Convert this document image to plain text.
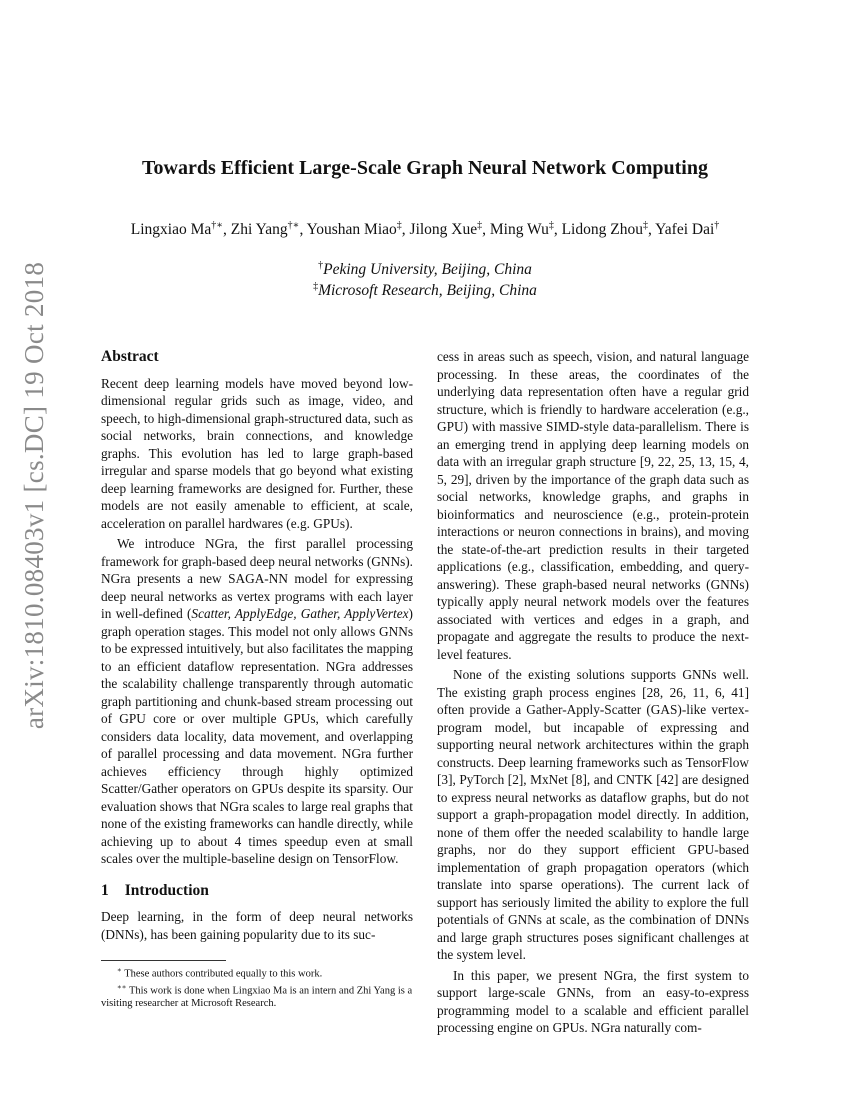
arXiv:1810.08403v1 [cs.DC] 19 Oct 2018
Towards Efficient Large-Scale Graph Neural Network Computing
Lingxiao Ma†∗, Zhi Yang†∗, Youshan Miao‡, Jilong Xue‡, Ming Wu‡, Lidong Zhou‡, Yafei Dai†
†Peking University, Beijing, China
‡Microsoft Research, Beijing, China
Abstract

Recent deep learning models have moved beyond low-dimensional regular grids such as image, video, and speech, to high-dimensional graph-structured data, such as social networks, brain connections, and knowledge graphs. This evolution has led to large graph-based irregular and sparse models that go beyond what existing deep learning frameworks are designed for. Further, these models are not easily amenable to efficient, at scale, acceleration on parallel hardwares (e.g. GPUs).

We introduce NGra, the first parallel processing framework for graph-based deep neural networks (GNNs). NGra presents a new SAGA-NN model for expressing deep neural networks as vertex programs with each layer in well-defined (Scatter, ApplyEdge, Gather, ApplyVertex) graph operation stages. This model not only allows GNNs to be expressed intuitively, but also facilitates the mapping to an efficient dataflow representation. NGra addresses the scalability challenge transparently through automatic graph partitioning and chunk-based stream processing out of GPU core or over multiple GPUs, which carefully considers data locality, data movement, and overlapping of parallel processing and data movement. NGra further achieves efficiency through highly optimized Scatter/Gather operators on GPUs despite its sparsity. Our evaluation shows that NGra scales to large real graphs that none of the existing frameworks can handle directly, while achieving up to about 4 times speedup even at small scales over the multiple-baseline design on TensorFlow.

1 Introduction

Deep learning, in the form of deep neural networks (DNNs), has been gaining popularity due to its suc-

∗ These authors contributed equally to this work.

∗∗ This work is done when Lingxiao Ma is an intern and Zhi Yang is a visiting researcher at Microsoft Research.

cess in areas such as speech, vision, and natural language processing. In these areas, the coordinates of the underlying data representation often have a regular grid structure, which is friendly to hardware acceleration (e.g., GPU) with massive SIMD-style data-parallelism. There is an emerging trend in applying deep learning models on data with an irregular graph structure [9, 22, 25, 13, 15, 4, 5, 29], driven by the importance of the graph data such as social networks, knowledge graphs, and graphs in bioinformatics and neuroscience (e.g., protein-protein interactions or neuron connections in brains), and moving the state-of-the-art prediction results in their targeted applications (e.g., classification, embedding, and query-answering). These graph-based neural networks (GNNs) typically apply neural network models over the features associated with vertices and edges in a graph, and propagate and aggregate the results to produce the next-level features.

None of the existing solutions supports GNNs well. The existing graph process engines [28, 26, 11, 6, 41] often provide a Gather-Apply-Scatter (GAS)-like vertex-program model, but incapable of expressing and supporting neural network architectures within the graph constructs. Deep learning frameworks such as TensorFlow [3], PyTorch [2], MxNet [8], and CNTK [42] are designed to express neural networks as dataflow graphs, but do not support a graph-propagation model directly. In addition, none of them offer the needed scalability to handle large graphs, nor do they support efficient GPU-based implementation of graph propagation operators (which translate into sparse operations). The current lack of support has seriously limited the ability to explore the full potentials of GNNs at scale, as the combination of DNNs and large graph structures poses significant challenges at the system level.

In this paper, we present NGra, the first system to support large-scale GNNs, from an easy-to-express programming model to a scalable and efficient parallel processing engine on GPUs. NGra naturally com-
